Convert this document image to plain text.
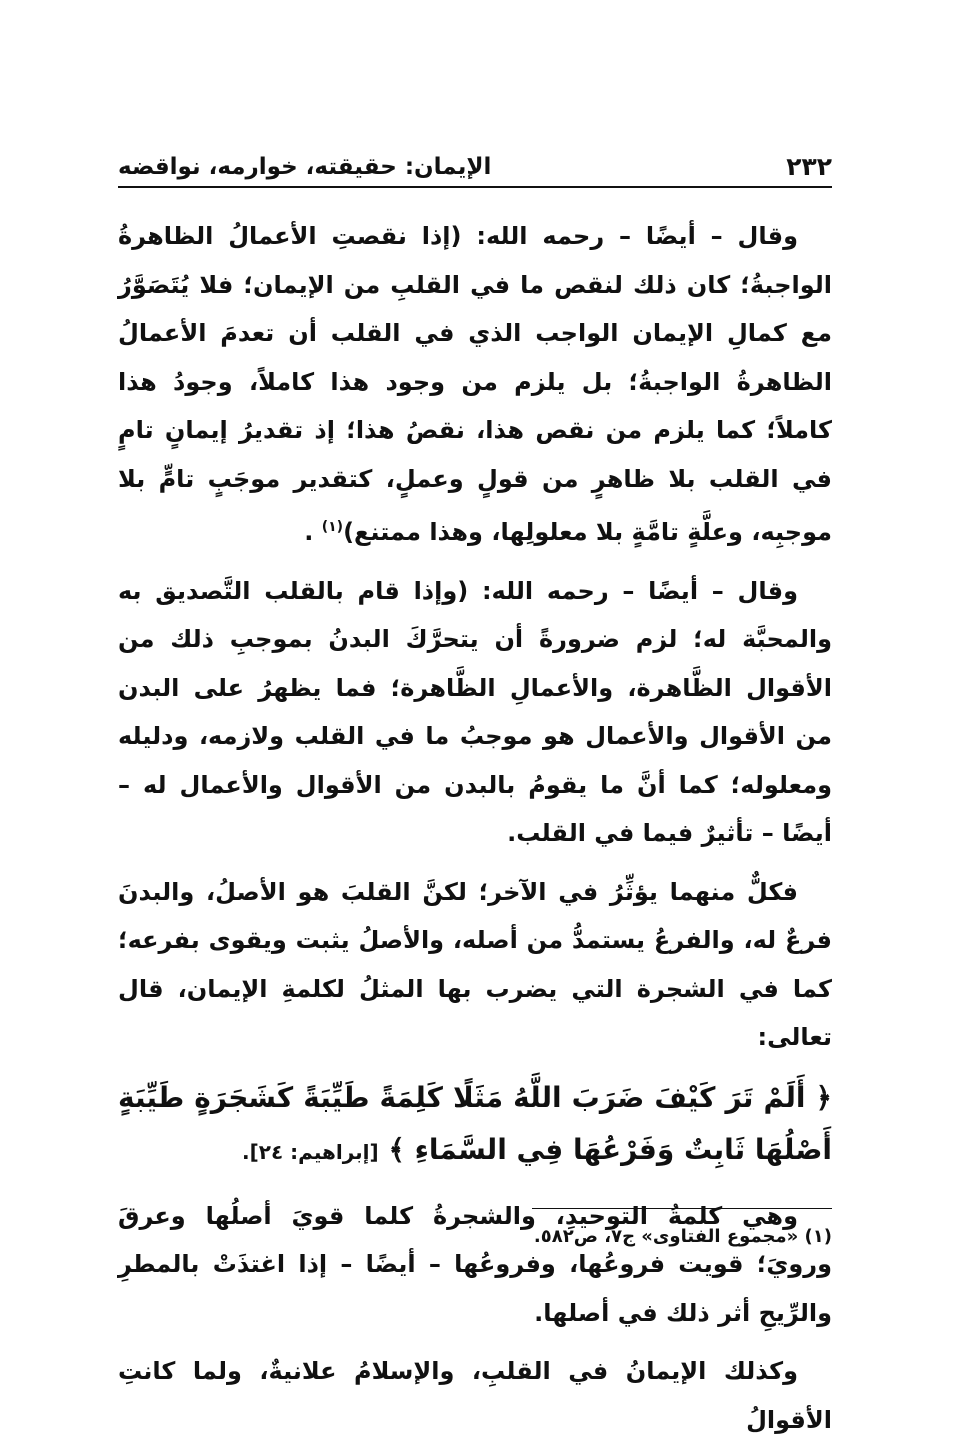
٢٣٢
الإيمان: حقيقته، خوارمه، نواقضه

وقال – أيضًا – رحمه الله: (إذا نقصتِ الأعمالُ الظاهرةُ الواجبةُ؛ كان ذلك لنقص ما في القلبِ من الإيمان؛ فلا يُتَصَوَّرُ مع كمالِ الإيمان الواجب الذي في القلب أن تعدمَ الأعمالُ الظاهرةُ الواجبةُ؛ بل يلزم من وجود هذا كاملاً، وجودُ هذا كاملاً؛ كما يلزم من نقص هذا، نقصُ هذا؛ إذ تقديرُ إيمانٍ تامٍ في القلب بلا ظاهرٍ من قولٍ وعملٍ، كتقدير موجَبٍ تامٍّ بلا موجبِه، وعلَّةٍ تامَّةٍ بلا معلولِها، وهذا ممتنع)$^{(١)}$ .

وقال – أيضًا – رحمه الله: (وإذا قام بالقلب التَّصديق به والمحبَّة له؛ لزم ضرورةً أن يتحرَّكَ البدنُ بموجبِ ذلك من الأقوال الظَّاهرة، والأعمالِ الظَّاهرة؛ فما يظهرُ على البدن من الأقوال والأعمال هو موجبُ ما في القلب ولازمه، ودليله ومعلوله؛ كما أنَّ ما يقومُ بالبدن من الأقوال والأعمال له – أيضًا – تأثيرٌ فيما في القلب.

فكلٌّ منهما يؤثِّرُ في الآخر؛ لكنَّ القلبَ هو الأصلُ، والبدنَ فرعٌ له، والفرعُ يستمدُّ من أصله، والأصلُ يثبت ويقوى بفرعه؛ كما في الشجرة التي يضرب بها المثلُ لكلمةِ الإيمان، قال تعالى:

﴿ أَلَمْ تَرَ كَيْفَ ضَرَبَ اللَّهُ مَثَلًا كَلِمَةً طَيِّبَةً كَشَجَرَةٍ طَيِّبَةٍ أَصْلُهَا ثَابِتٌ وَفَرْعُهَا فِي السَّمَاءِ ﴾ [إبراهيم: ٢٤].

وهي كلمةُ التوحيدِ، والشجرةُ كلما قويَ أصلُها وعرقَ ورويَ؛ قويت فروعُها، وفروعُها – أيضًا – إذا اغتذَتْ بالمطرِ والرِّيحِ أثر ذلك في أصلها.

وكذلك الإيمانُ في القلبِ، والإسلامُ علانيةٌ، ولما كانتِ الأقوالُ

(١) «مجموع الفتاوى» ج٧، ص٥٨٢.
